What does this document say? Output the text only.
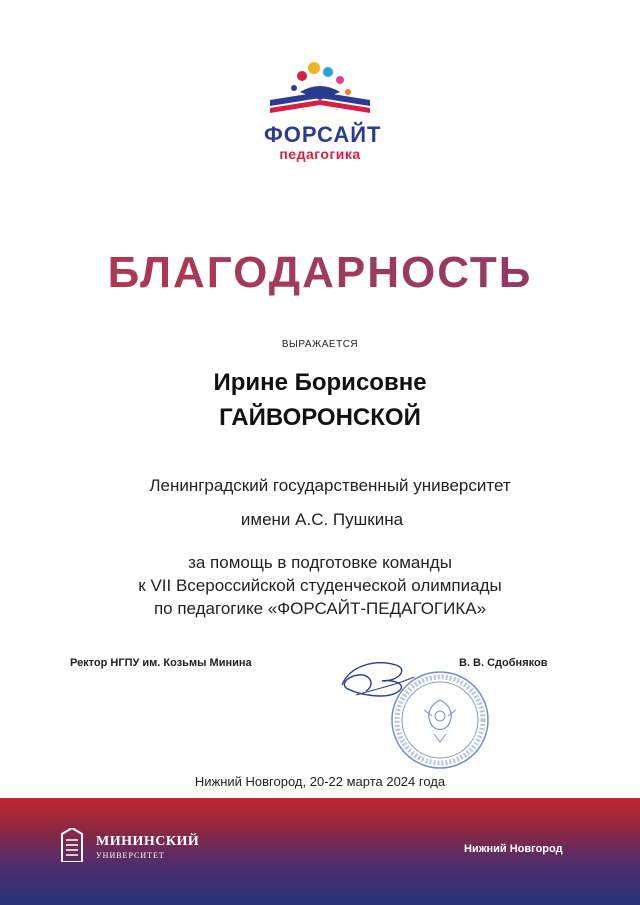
ФОРСАЙТ
педагогика
БЛАГОДАРНОСТЬ
ВЫРАЖАЕТСЯ
Ирине Борисовне
ГАЙВОРОНСКОЙ
Ленинградский государственный университет
имени А.С. Пушкина
за помощь в подготовке команды
к VII Всероссийской студенческой олимпиады
по педагогике «ФОРСАЙТ-ПЕДАГОГИКА»
Ректор НГПУ им. Козьмы Минина	В. В. Сдобняков
Нижний Новгород, 20-22 марта 2024 года
МИНИНСКИЙ
УНИВЕРСИТЕТ
Нижний Новгород
